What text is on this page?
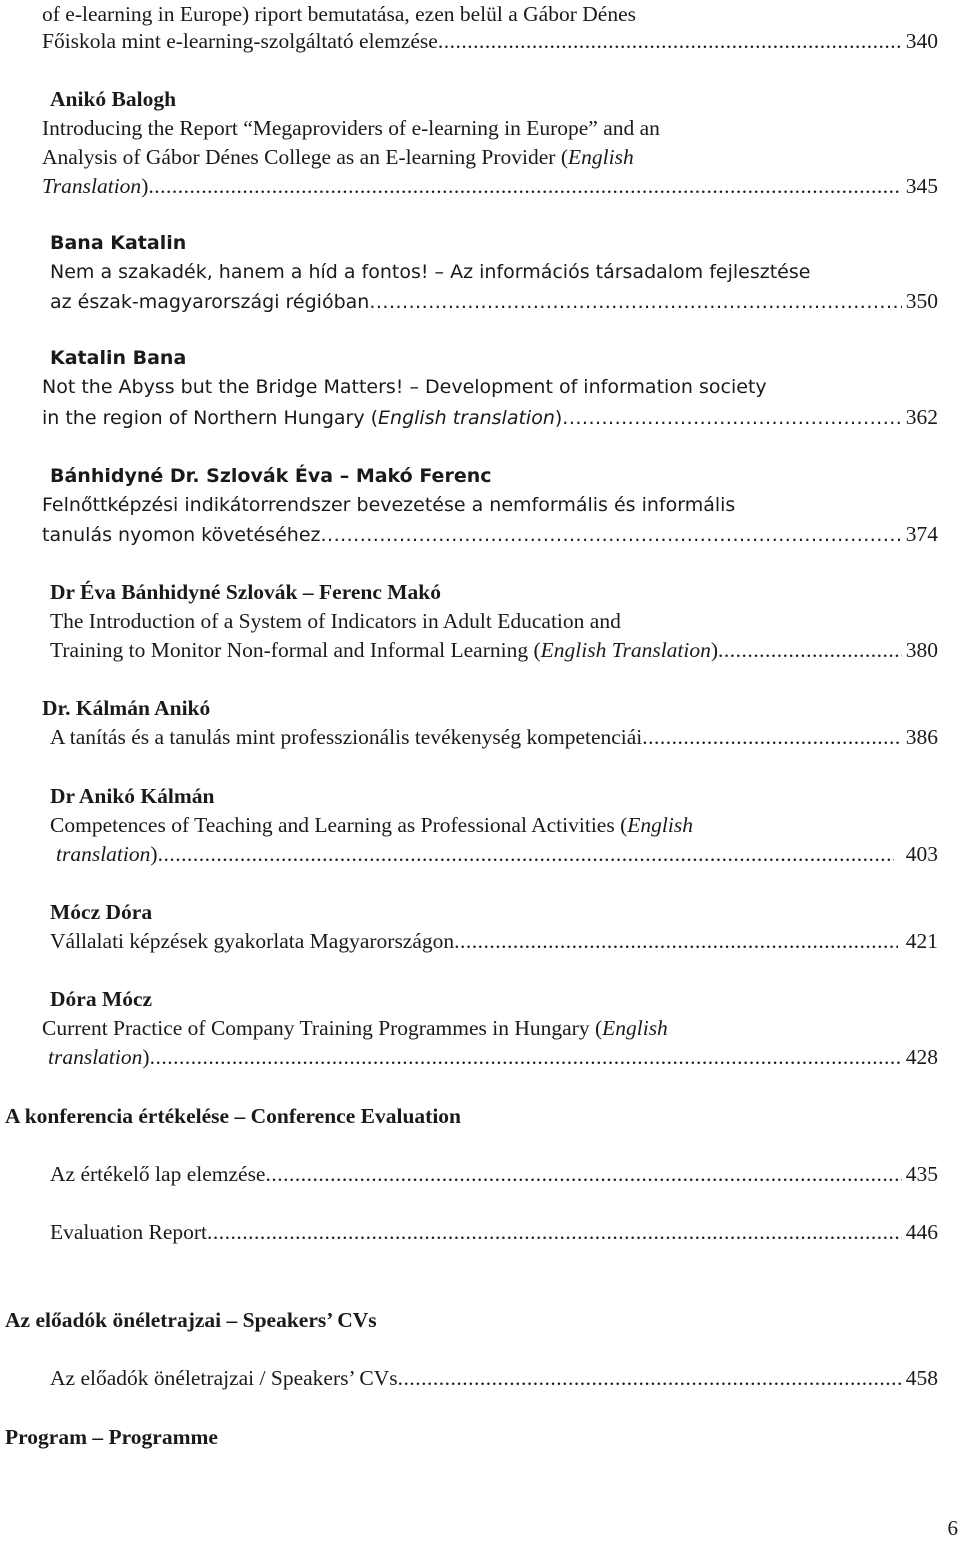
of e-learning in Europe) riport bemutatása, ezen belül a Gábor Dénes
Főiskola mint e-learning-szolgáltató elemzése .....	340
Anikó Balogh
Introducing the Report “Megaproviders of e-learning in Europe” and an
Analysis of Gábor Dénes College as an E-learning Provider (English
Translation) .....	345
Bana Katalin
Nem a szakadék, hanem a híd a fontos! – Az információs társadalom fejlesztése
az észak-magyarországi régióban .....	350
Katalin Bana
Not the Abyss but the Bridge Matters! – Development of information society
in the region of Northern Hungary (English translation) .....	362
Bánhidyné Dr. Szlovák Éva – Makó Ferenc
Felnőttképzési indikátorrendszer bevezetése a nemformális és informális
tanulás nyomon követéséhez .....	374
Dr Éva Bánhidyné Szlovák – Ferenc Makó
The Introduction of a System of Indicators in Adult Education and
Training to Monitor Non-formal and Informal Learning (English Translation) .....	380
Dr. Kálmán Anikó
A tanítás és a tanulás mint professzionális tevékenység kompetenciái .....	386
Dr Anikó Kálmán
Competences of Teaching and Learning as Professional Activities (English
translation) .....	403
Mócz Dóra
Vállalati képzések gyakorlata Magyarországon .....	421
Dóra Mócz
Current Practice of Company Training Programmes in Hungary (English
translation) .....	428
A konferencia értékelése – Conference Evaluation
Az értékelő lap elemzése .....	435
Evaluation Report .....	446
Az előadók önéletrajzai – Speakers’ CVs
Az előadók önéletrajzai / Speakers’ CVs .....	458
Program – Programme
6
